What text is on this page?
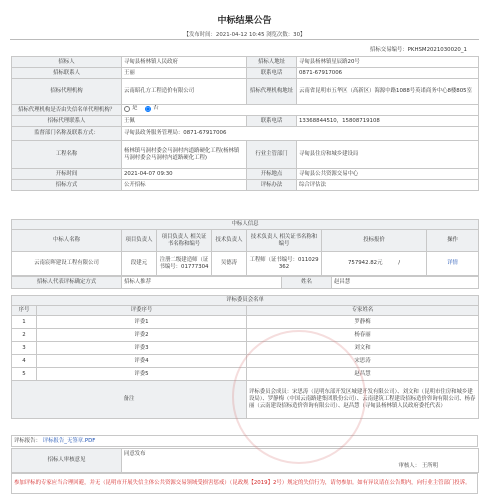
中标结果公告
【发布时间：2021-04-12 10:45 浏览次数：30】
招标交易编号：PKHSM2021030020_1
招标人	寻甸县杨林镇人民政府	招标人地址	寻甸县杨林镇星辰路20号
招标联系人	王丽	联系电话	0871-67917006
招标代理机构	云南昭孔方工程造价有限公司	招标代理机构地址	云南省昆明市五华区（高新区）海源中路1088号英诺商务中心8楼805室
招标代理机构是否由失信名单代理机构？	是
否		

招标代理联系人	王佩	联系电话	13368844510，15808719108
监督部门名称及联系方式：	寻甸县政务服务管理局：0871-67917006		
工程名称	杨林镇马洞村委会马洞村内道路硬化工程(杨林镇马洞村委会马洞村内道路硬化工程)	行业主管部门	寻甸县住房和城乡建设局
开标时间	2021-04-07 09:30	开标地点	寻甸县公共资源交易中心
招标方式	公开招标	评标办法	综合评估法
中标人信息						
中标人名称	项目负责人	项目负责人 相关证书名称和编号	技术负责人	技术负责人 相关证书名称和编号	投标报价	操作
云南宸晖建设工程有限公司	段建元	注册二级建造师（证书编号：01777304	吴德涛	工程师（证书编号：011029362	757942.82元 /	详情
招标人代表评标确定方式	招标人推荐	姓名	赵昌慧
评标委员会名单		
序号	评委序号	专家姓名
1	评委1	罗静梅
2	评委2	杨春丽
3	评委3	刘文和
4	评委4	宋思涛
5	评委5	赵昌慧
备注		评标委员会成员：宋思涛（昆明东部开发区城建开发有限公司）、刘文和（昆明市住房和城乡建设局）、罗静梅（中国云南路建集团股份公司）、云南建筑工程建设招标造价咨询有限公司、杨春丽（云南建设招标造价咨询有限公司）、赵昌慧（寻甸县杨林镇人民政府委托代表）
评标报告： 评标报告_无签章.PDF
招标人审核意见	同意发布
审核人： 王所明
参加评标的专家应当合理回避，并无（昆明市开展失信主体公共资源交易领域受损害惩戒）（昆政规【2019】2号）规定的失信行为，请勿参加。如有异议请在公告期内，向行业主管部门投诉。
